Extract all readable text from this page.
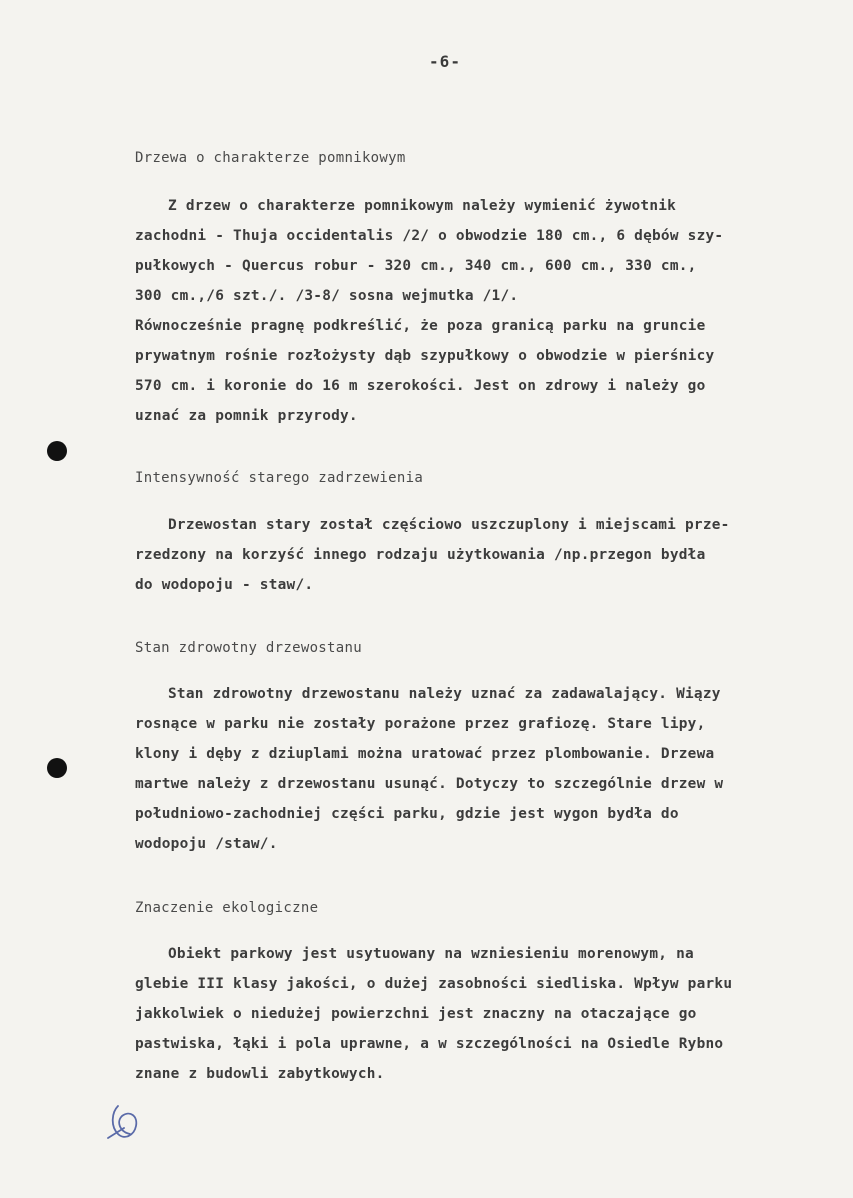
-6-
Drzewa o charakterze pomnikowym
Z drzew o charakterze pomnikowym należy wymienić żywotnik
zachodni - Thuja occidentalis /2/ o obwodzie 180 cm., 6 dębów szy-
pułkowych - Quercus robur - 320 cm., 340 cm., 600 cm., 330 cm.,
300 cm.,/6 szt./. /3-8/ sosna wejmutka /1/.
Równocześnie pragnę podkreślić, że poza granicą parku na gruncie
prywatnym rośnie rozłożysty dąb szypułkowy o obwodzie w pierśnicy
570 cm. i koronie do 16 m szerokości. Jest on zdrowy i należy go
uznać za pomnik przyrody.
Intensywność starego zadrzewienia
Drzewostan stary został częściowo uszczuplony i miejscami prze-
rzedzony na korzyść innego rodzaju użytkowania /np.przegon bydła
do wodopoju - staw/.
Stan zdrowotny drzewostanu
Stan zdrowotny drzewostanu należy uznać za zadawalający. Wiązy
rosnące w parku nie zostały porażone przez grafiozę. Stare lipy,
klony i dęby z dziuplami można uratować przez plombowanie. Drzewa
martwe należy z drzewostanu usunąć. Dotyczy to szczególnie drzew w
południowo-zachodniej części parku, gdzie jest wygon bydła do
wodopoju /staw/.
Znaczenie ekologiczne
Obiekt parkowy jest usytuowany na wzniesieniu morenowym, na
glebie III klasy jakości, o dużej zasobności siedliska. Wpływ parku
jakkolwiek o niedużej powierzchni jest znaczny na otaczające go
pastwiska, łąki i pola uprawne, a w szczególności na Osiedle Rybno
znane z budowli zabytkowych.
